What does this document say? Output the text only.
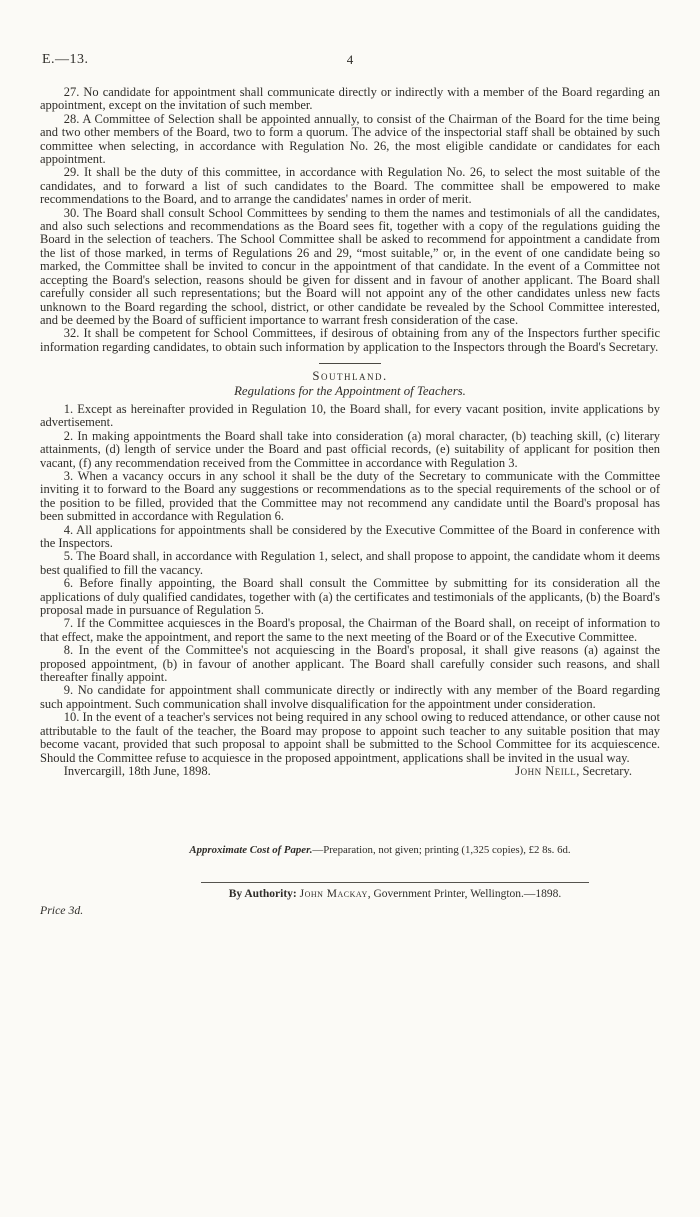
E.—13.	4

27. No candidate for appointment shall communicate directly or indirectly with a member of the Board regarding an appointment, except on the invitation of such member.

28. A Committee of Selection shall be appointed annually, to consist of the Chairman of the Board for the time being and two other members of the Board, two to form a quorum. The advice of the inspectorial staff shall be obtained by such committee when selecting, in accordance with Regulation No. 26, the most eligible candidate or candidates for each appointment.

29. It shall be the duty of this committee, in accordance with Regulation No. 26, to select the most suitable of the candidates, and to forward a list of such candidates to the Board. The committee shall be empowered to make recommendations to the Board, and to arrange the candidates' names in order of merit.

30. The Board shall consult School Committees by sending to them the names and testimonials of all the candidates, and also such selections and recommendations as the Board sees fit, together with a copy of the regulations guiding the Board in the selection of teachers. The School Committee shall be asked to recommend for appointment a candidate from the list of those marked, in terms of Regulations 26 and 29, “most suitable,” or, in the event of one candidate being so marked, the Committee shall be invited to concur in the appointment of that candidate. In the event of a Committee not accepting the Board's selection, reasons should be given for dissent and in favour of another applicant. The Board shall carefully consider all such representations; but the Board will not appoint any of the other candidates unless new facts unknown to the Board regarding the school, district, or other candidate be revealed by the School Committee interested, and be deemed by the Board of sufficient importance to warrant fresh consideration of the case.

32. It shall be competent for School Committees, if desirous of obtaining from any of the Inspectors further specific information regarding candidates, to obtain such information by application to the Inspectors through the Board's Secretary.

Southland.
Regulations for the Appointment of Teachers.

1. Except as hereinafter provided in Regulation 10, the Board shall, for every vacant position, invite applications by advertisement.

2. In making appointments the Board shall take into consideration (a) moral character, (b) teaching skill, (c) literary attainments, (d) length of service under the Board and past official records, (e) suitability of applicant for position then vacant, (f) any recommendation received from the Committee in accordance with Regulation 3.

3. When a vacancy occurs in any school it shall be the duty of the Secretary to communicate with the Committee inviting it to forward to the Board any suggestions or recommendations as to the special requirements of the school or of the position to be filled, provided that the Committee may not recommend any candidate until the Board's proposal has been submitted in accordance with Regulation 6.

4. All applications for appointments shall be considered by the Executive Committee of the Board in conference with the Inspectors.

5. The Board shall, in accordance with Regulation 1, select, and shall propose to appoint, the candidate whom it deems best qualified to fill the vacancy.

6. Before finally appointing, the Board shall consult the Committee by submitting for its consideration all the applications of duly qualified candidates, together with (a) the certificates and testimonials of the applicants, (b) the Board's proposal made in pursuance of Regulation 5.

7. If the Committee acquiesces in the Board's proposal, the Chairman of the Board shall, on receipt of information to that effect, make the appointment, and report the same to the next meeting of the Board or of the Executive Committee.

8. In the event of the Committee's not acquiescing in the Board's proposal, it shall give reasons (a) against the proposed appointment, (b) in favour of another applicant. The Board shall carefully consider such reasons, and shall thereafter finally appoint.

9. No candidate for appointment shall communicate directly or indirectly with any member of the Board regarding such appointment. Such communication shall involve disqualification for the appointment under consideration.

10. In the event of a teacher's services not being required in any school owing to reduced attendance, or other cause not attributable to the fault of the teacher, the Board may propose to appoint such teacher to any suitable position that may become vacant, provided that such proposal to appoint shall be submitted to the School Committee for its acquiescence. Should the Committee refuse to acquiesce in the proposed appointment, applications shall be invited in the usual way.

Invercargill, 18th June, 1898.	John Neill, Secretary.
Approximate Cost of Paper.—Preparation, not given; printing (1,325 copies), £2 8s. 6d.
By Authority: John Mackay, Government Printer, Wellington.—1898.
Price 3d.
